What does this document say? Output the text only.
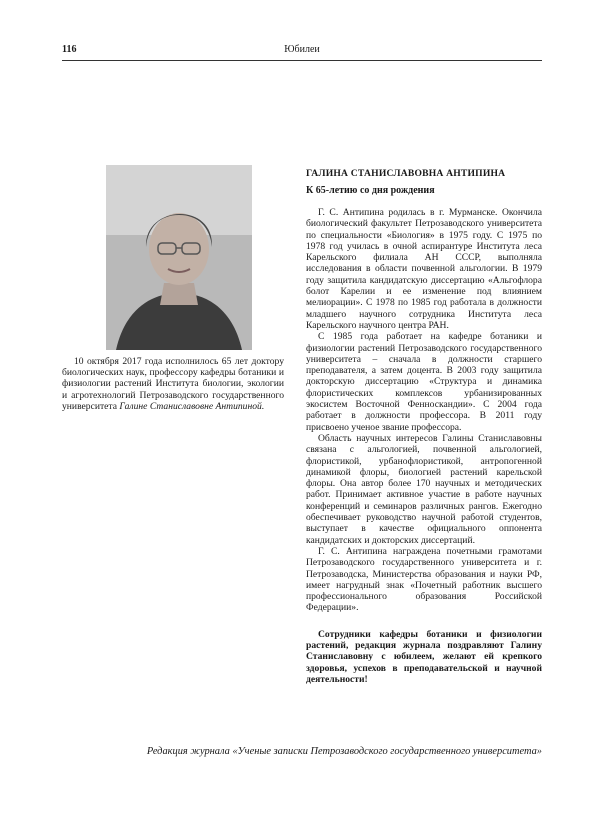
116	Юбилеи
10 октября 2017 года исполнилось 65 лет доктору биологических наук, профессору кафедры ботаники и физиологии растений Института биологии, экологии и агротехнологий Петрозаводского государственного университета Галине Станиславовне Антипиной.
ГАЛИНА СТАНИСЛАВОВНА АНТИПИНА
К 65-летию со дня рождения

Г. С. Антипина родилась в г. Мурманске. Окончила биологический факультет Петрозаводского университета по специальности «Биология» в 1975 году. С 1975 по 1978 год училась в очной аспирантуре Института леса Карельского филиала АН СССР, выполняла исследования в области почвенной альгологии. В 1979 году защитила кандидатскую диссертацию «Альгофлора болот Карелии и ее изменение под влиянием мелиорации». С 1978 по 1985 год работала в должности младшего научного сотрудника Института леса Карельского научного центра РАН.

С 1985 года работает на кафедре ботаники и физиологии растений Петрозаводского государственного университета – сначала в должности старшего преподавателя, а затем доцента. В 2003 году защитила докторскую диссертацию «Структура и динамика флористических комплексов урбанизированных экосистем Восточной Фенноскандии». С 2004 года работает в должности профессора. В 2011 году присвоено ученое звание профессора.

Область научных интересов Галины Станиславовны связана с альгологией, почвенной альгологией, флористикой, урбанофлористикой, антропогенной динамикой флоры, биологией растений карельской флоры. Она автор более 170 научных и методических работ. Принимает активное участие в работе научных конференций и семинаров различных рангов. Ежегодно обеспечивает руководство научной работой студентов, выступает в качестве официального оппонента кандидатских и докторских диссертаций.

Г. С. Антипина награждена почетными грамотами Петрозаводского государственного университета и г. Петрозаводска, Министерства образования и науки РФ, имеет нагрудный знак «Почетный работник высшего профессионального образования Российской Федерации».

Сотрудники кафедры ботаники и физиологии растений, редакция журнала поздравляют Галину Станиславовну с юбилеем, желают ей крепкого здоровья, успехов в преподавательской и научной деятельности!

Редакция журнала «Ученые записки Петрозаводского государственного университета»
